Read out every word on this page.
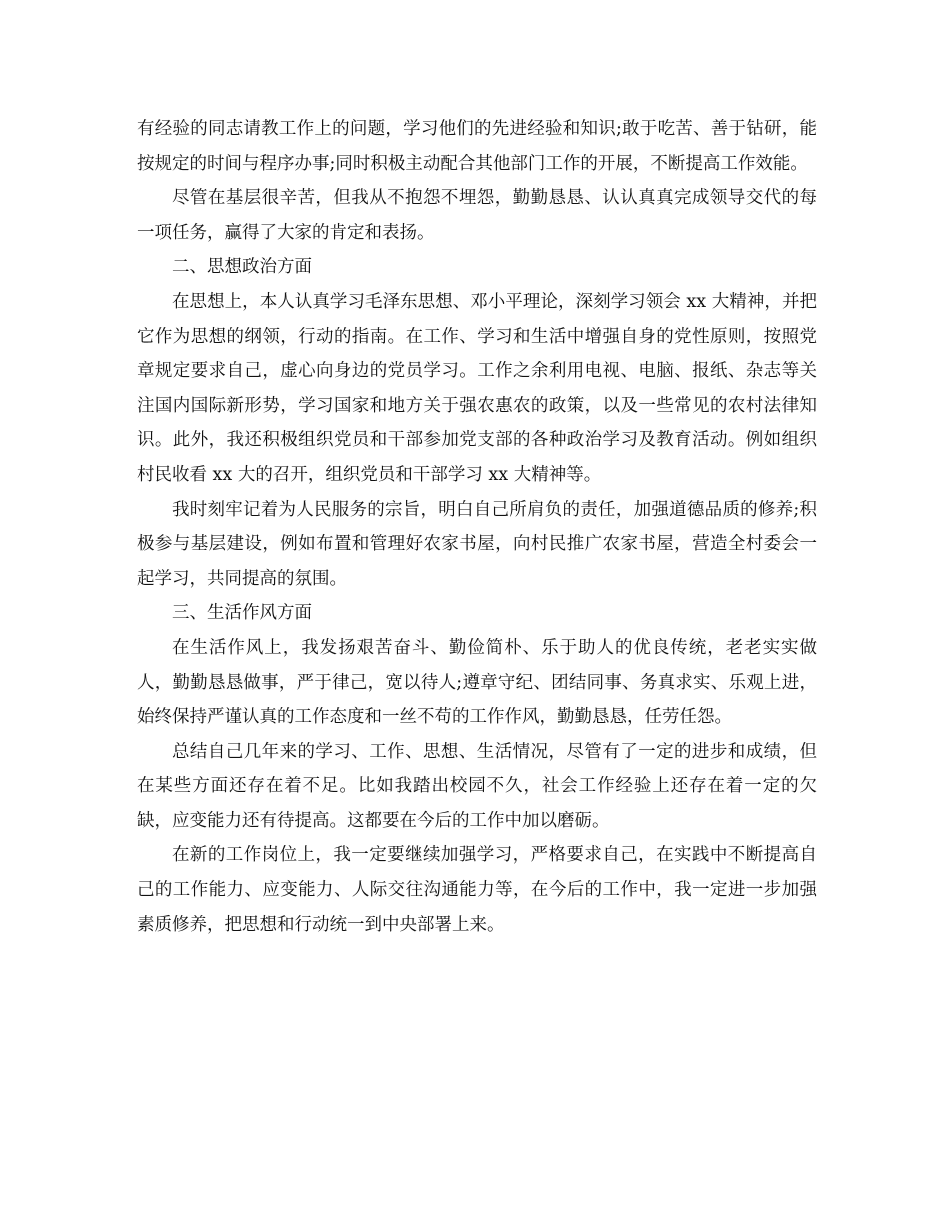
有经验的同志请教工作上的问题，学习他们的先进经验和知识;敢于吃苦、善于钻研，能按规定的时间与程序办事;同时积极主动配合其他部门工作的开展，不断提高工作效能。

尽管在基层很辛苦，但我从不抱怨不埋怨，勤勤恳恳、认认真真完成领导交代的每一项任务，赢得了大家的肯定和表扬。

二、思想政治方面

在思想上，本人认真学习毛泽东思想、邓小平理论，深刻学习领会 xx 大精神，并把它作为思想的纲领，行动的指南。在工作、学习和生活中增强自身的党性原则，按照党章规定要求自己，虚心向身边的党员学习。工作之余利用电视、电脑、报纸、杂志等关注国内国际新形势，学习国家和地方关于强农惠农的政策，以及一些常见的农村法律知识。此外，我还积极组织党员和干部参加党支部的各种政治学习及教育活动。例如组织村民收看 xx 大的召开，组织党员和干部学习 xx 大精神等。

我时刻牢记着为人民服务的宗旨，明白自己所肩负的责任，加强道德品质的修养;积极参与基层建设，例如布置和管理好农家书屋，向村民推广农家书屋，营造全村委会一起学习，共同提高的氛围。

三、生活作风方面

在生活作风上，我发扬艰苦奋斗、勤俭简朴、乐于助人的优良传统，老老实实做人，勤勤恳恳做事，严于律己，宽以待人;遵章守纪、团结同事、务真求实、乐观上进，始终保持严谨认真的工作态度和一丝不苟的工作作风，勤勤恳恳，任劳任怨。

总结自己几年来的学习、工作、思想、生活情况，尽管有了一定的进步和成绩，但在某些方面还存在着不足。比如我踏出校园不久，社会工作经验上还存在着一定的欠缺，应变能力还有待提高。这都要在今后的工作中加以磨砺。

在新的工作岗位上，我一定要继续加强学习，严格要求自己，在实践中不断提高自己的工作能力、应变能力、人际交往沟通能力等，在今后的工作中，我一定进一步加强素质修养，把思想和行动统一到中央部署上来。
